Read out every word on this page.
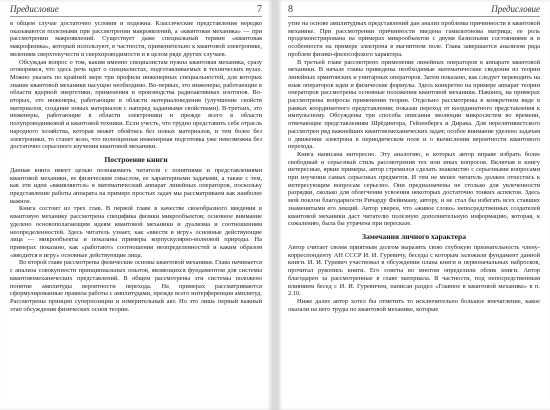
Предисловие	7

в общем случае достаточно условия и подежна. Классические представления нередко оказываются полезными при рассмотрении макроявлений, а «квантовая механика» — при рассмотрении макроявлений. Существует даже специальный термин «квантовая макрофизика», который используют, в частности, применительно к квантовой электронике, явлениям сверхтекучести и сверхпроводимости и в целом ряде других случаев.

Обсуждая вопрос о том, каким именно специалистам нужна квантовая механика, сразу оговоримся, что здесь речь идет о специалистах, подготавливаемых в технических вузах. Можно указать по крайней мере три профиля инженерных специальностей, для которых знание квантовой механики насущно необходимо. Во-первых, это инженеры, работающие в области ядерной энергетики, применения и производства радиоактивных изотопов. Во-вторых, это инженеры, работающие в области материаловедения (улучшение свойств материалов, создание новых материалов с наперед заданными свойствами). В-третьих, это инженеры, работающие в области электроники и прежде всего в области полупроводниковой и квантовой техники. Если учесть, что трудно представить себе отрасль народного хозяйства, которая может обойтись без новых материалов, и тем более без электроники, то станет ясно, что полноценная инженерная подготовка уже невозможна без достаточно серьезного изучения квантовой механики.

Построение книги

Данная книга имеет целью познакомить читателя с понятиями и представлениями квантовой механики, ее физическим смыслом, ее характерными задачами, а также с тем, как эти идеи «вживляются» в математический аппарат линейных операторов, поскольку представление работы аппарата на примере простых задач мы рассматриваем как наиболее важное.

Книга состоит из трех глав. В первой главе в качестве своеобразного введения в квантовую механику рассмотрена специфика физики микрообъектов; основное внимание уделено основополагающим идеям квантовой механики и дуализма и соотношениям неопределенностей. Здесь читатель узнает, как «ввести в игру» основные действующие лица — микрообъекты и показаны примеры корпускулярно-волновой природы. На примерах показано, как «работают» соотношения неопределенностей и каким образом «вводится в игру» основные действующие лица.

Во второй главе рассмотрены физические основы квантовой механики. Глава начинается с анализа совокупности принципиальных опытов, являющихся фундаментом для системы квантовомеханических представлений. В общем рассмотрены эти системы положено понятие амплитуды вероятности перехода. На примерах рассматриваются сформулированные правила работы с амплитудами, прежде всего интерференция амплитуд. Рассмотрены принцип суперпозиции и измерительный акт. Но это лишь первый важный этап обсуждения физических основ теории.

8	Предисловие

утие на основе амплитудных представлений дан анализ проблемы причинности в квантовой механике. При рассмотрении причинности введена гамильтонова матрица; ее роль продемонстрирована на примерах микрообъектов с двумя базисными состояниями и в особенности на примере электрона в магнитном поле. Глава завершается анализом ряда проблем физико-философского характера.

В третьей главе рассмотрено применение линейных операторов в аппарате квантовой механики. В начале главы приведены необходимые математические сведения из теории линейных эрмитовских и унитарных операторов. Затем показано, как следует переводить на язык операторов идеи и физические формулы. Здесь конкретно на примере аппарат теории операторов рассмотрены основные положения квантовой механики. Наконец, на примерах рассмотрены вопросы применения теории. Отдельно рассмотрены в конкретном виде в рамках координатного представления; показан переход от координатного представления к импульсному. Обсуждены три способа описания эволюции микросистем во времени, отвечающие представлениям Шрёдингера, Гейзенберга и Дирака. Для нерелятивистского рассмотрен ряд важнейших квантовомеханических задач; особое внимание уделено задачам о движении электрона в периодическом поле и о вычислении вероятности квантового перехода.

Книга написана интересно. Эту аналогию, в которых автор вправе избрать более свободный и серьезный стиль рассмотрения тех или иных вопросов. Включая в книгу интересные, яркие примеры, автор стремился сделать знакомство с серьезными вопросами при изучении самых серьезных предметов. И тем не менее читатель должен отнестись к интересующим вопросам серьезно. Они предназначены не столько для увлеченности разрядки, сколько для облегчения усвоения некоторых достаточно тонких аспектов. Здесь мой поклон благодарности Ричарду Фейнману, автору, и не стал бы избегать всех ставших знаменитыми его лекций. Автор уверен, что «живое слово» непосредственных создателей квантовой механики даст читателю полезную дополнительную информацию, которая, к сожалению, была бы утрачена при пересказе.

Замечания личного характера

Автор считает своим приятным долгом выразить свою глубокую признательность члену-корреспонденту АН СССР И. И. Гуревичу, беседы с которым заложили фундамент данной книги. И. И. Гуревич участвовал в обсуждении плана книги и первоначальных набросков, прочитал рукопись книги. Его советы во многом определили облик книги. Автор благодарен за рассмотренные в главе материала. В частности, под непосредственным влиянием бесед с И. И. Гуревичем, написан раздел «Главное в квантовой механике» в п. 2.10.

Ниже далее автор хотел бы отметить то исключительно большое впечатление, какое оказали на него труды по квантовой механике, которые
